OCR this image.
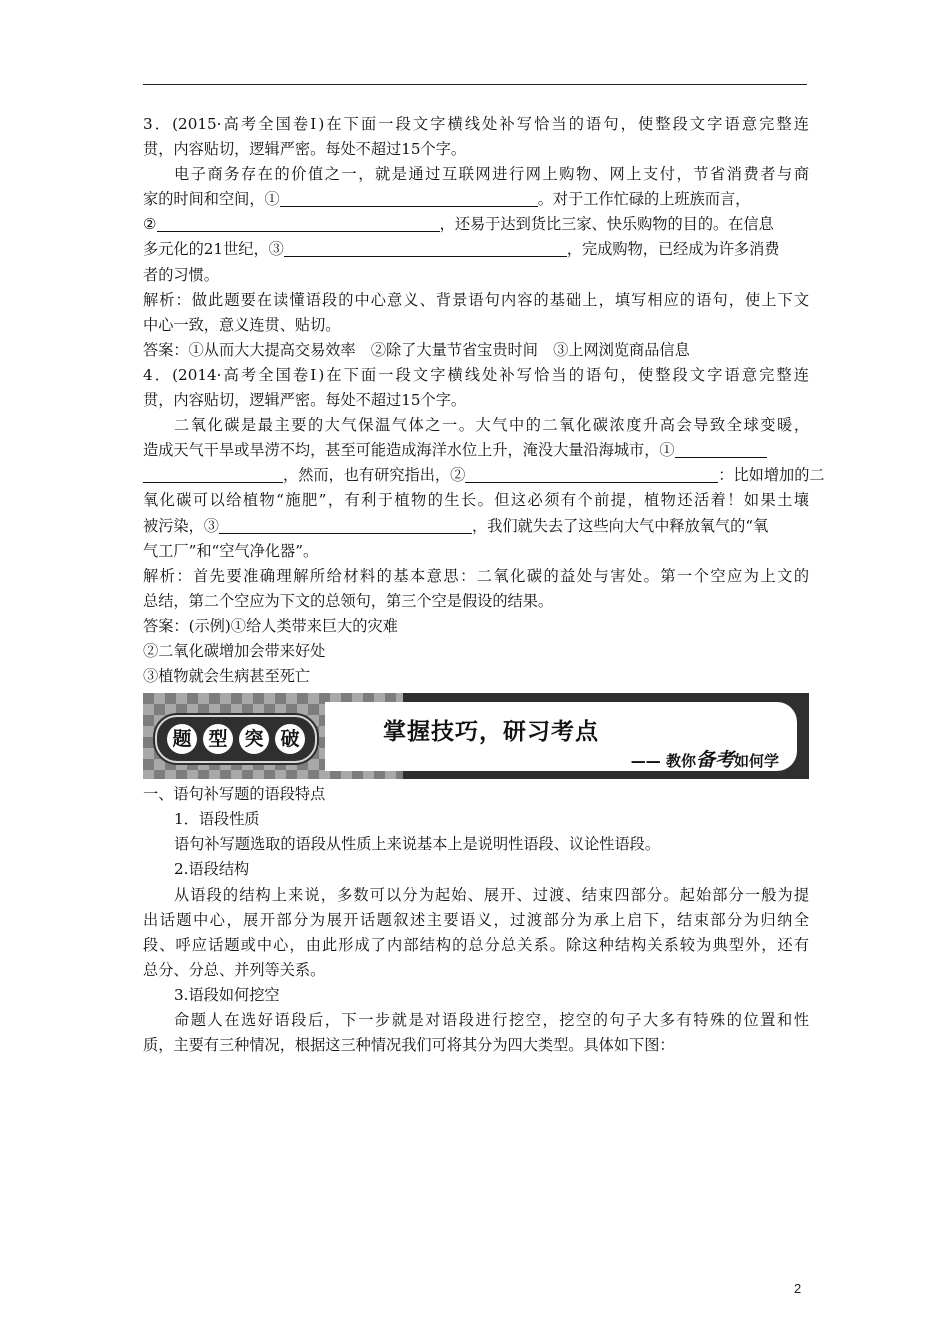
3．(2015·高考全国卷Ⅰ)在下面一段文字横线处补写恰当的语句，使整段文字语意完整连
贯，内容贴切，逻辑严密。每处不超过15个字。
电子商务存在的价值之一，就是通过互联网进行网上购物、网上支付，节省消费者与商
家的时间和空间，①	。对于工作忙碌的上班族而言，
②	，还易于达到货比三家、快乐购物的目的。在信息
多元化的21世纪，③	，完成购物，已经成为许多消费
者的习惯。
解析：做此题要在读懂语段的中心意义、背景语句内容的基础上，填写相应的语句，使上下文
中心一致，意义连贯、贴切。
答案：①从而大大提高交易效率　②除了大量节省宝贵时间　③上网浏览商品信息
4．(2014·高考全国卷Ⅰ)在下面一段文字横线处补写恰当的语句，使整段文字语意完整连
贯，内容贴切，逻辑严密。每处不超过15个字。
二氧化碳是最主要的大气保温气体之一。大气中的二氧化碳浓度升高会导致全球变暖，
造成天气干旱或旱涝不均，甚至可能造成海洋水位上升，淹没大量沿海城市，①
，然而，也有研究指出，②	：比如增加的二
氧化碳可以给植物“施肥”，有利于植物的生长。但这必须有个前提，植物还活着！如果土壤
被污染，③	，我们就失去了这些向大气中释放氧气的“氧
气工厂”和“空气净化器”。
解析：首先要准确理解所给材料的基本意思：二氧化碳的益处与害处。第一个空应为上文的
总结，第二个空应为下文的总领句，第三个空是假设的结果。
答案：(示例)①给人类带来巨大的灾难
②二氧化碳增加会带来好处
③植物就会生病甚至死亡
题 型 突 破	掌握技巧，研习考点
—— 教你备考如何学
一、语句补写题的语段特点
1．语段性质
语句补写题选取的语段从性质上来说基本上是说明性语段、议论性语段。
2.语段结构
从语段的结构上来说，多数可以分为起始、展开、过渡、结束四部分。起始部分一般为提
出话题中心，展开部分为展开话题叙述主要语义，过渡部分为承上启下，结束部分为归纳全
段、呼应话题或中心，由此形成了内部结构的总分总关系。除这种结构关系较为典型外，还有
总分、分总、并列等关系。
3.语段如何挖空
命题人在选好语段后，下一步就是对语段进行挖空，挖空的句子大多有特殊的位置和性
质，主要有三种情况，根据这三种情况我们可将其分为四大类型。具体如下图：
2
